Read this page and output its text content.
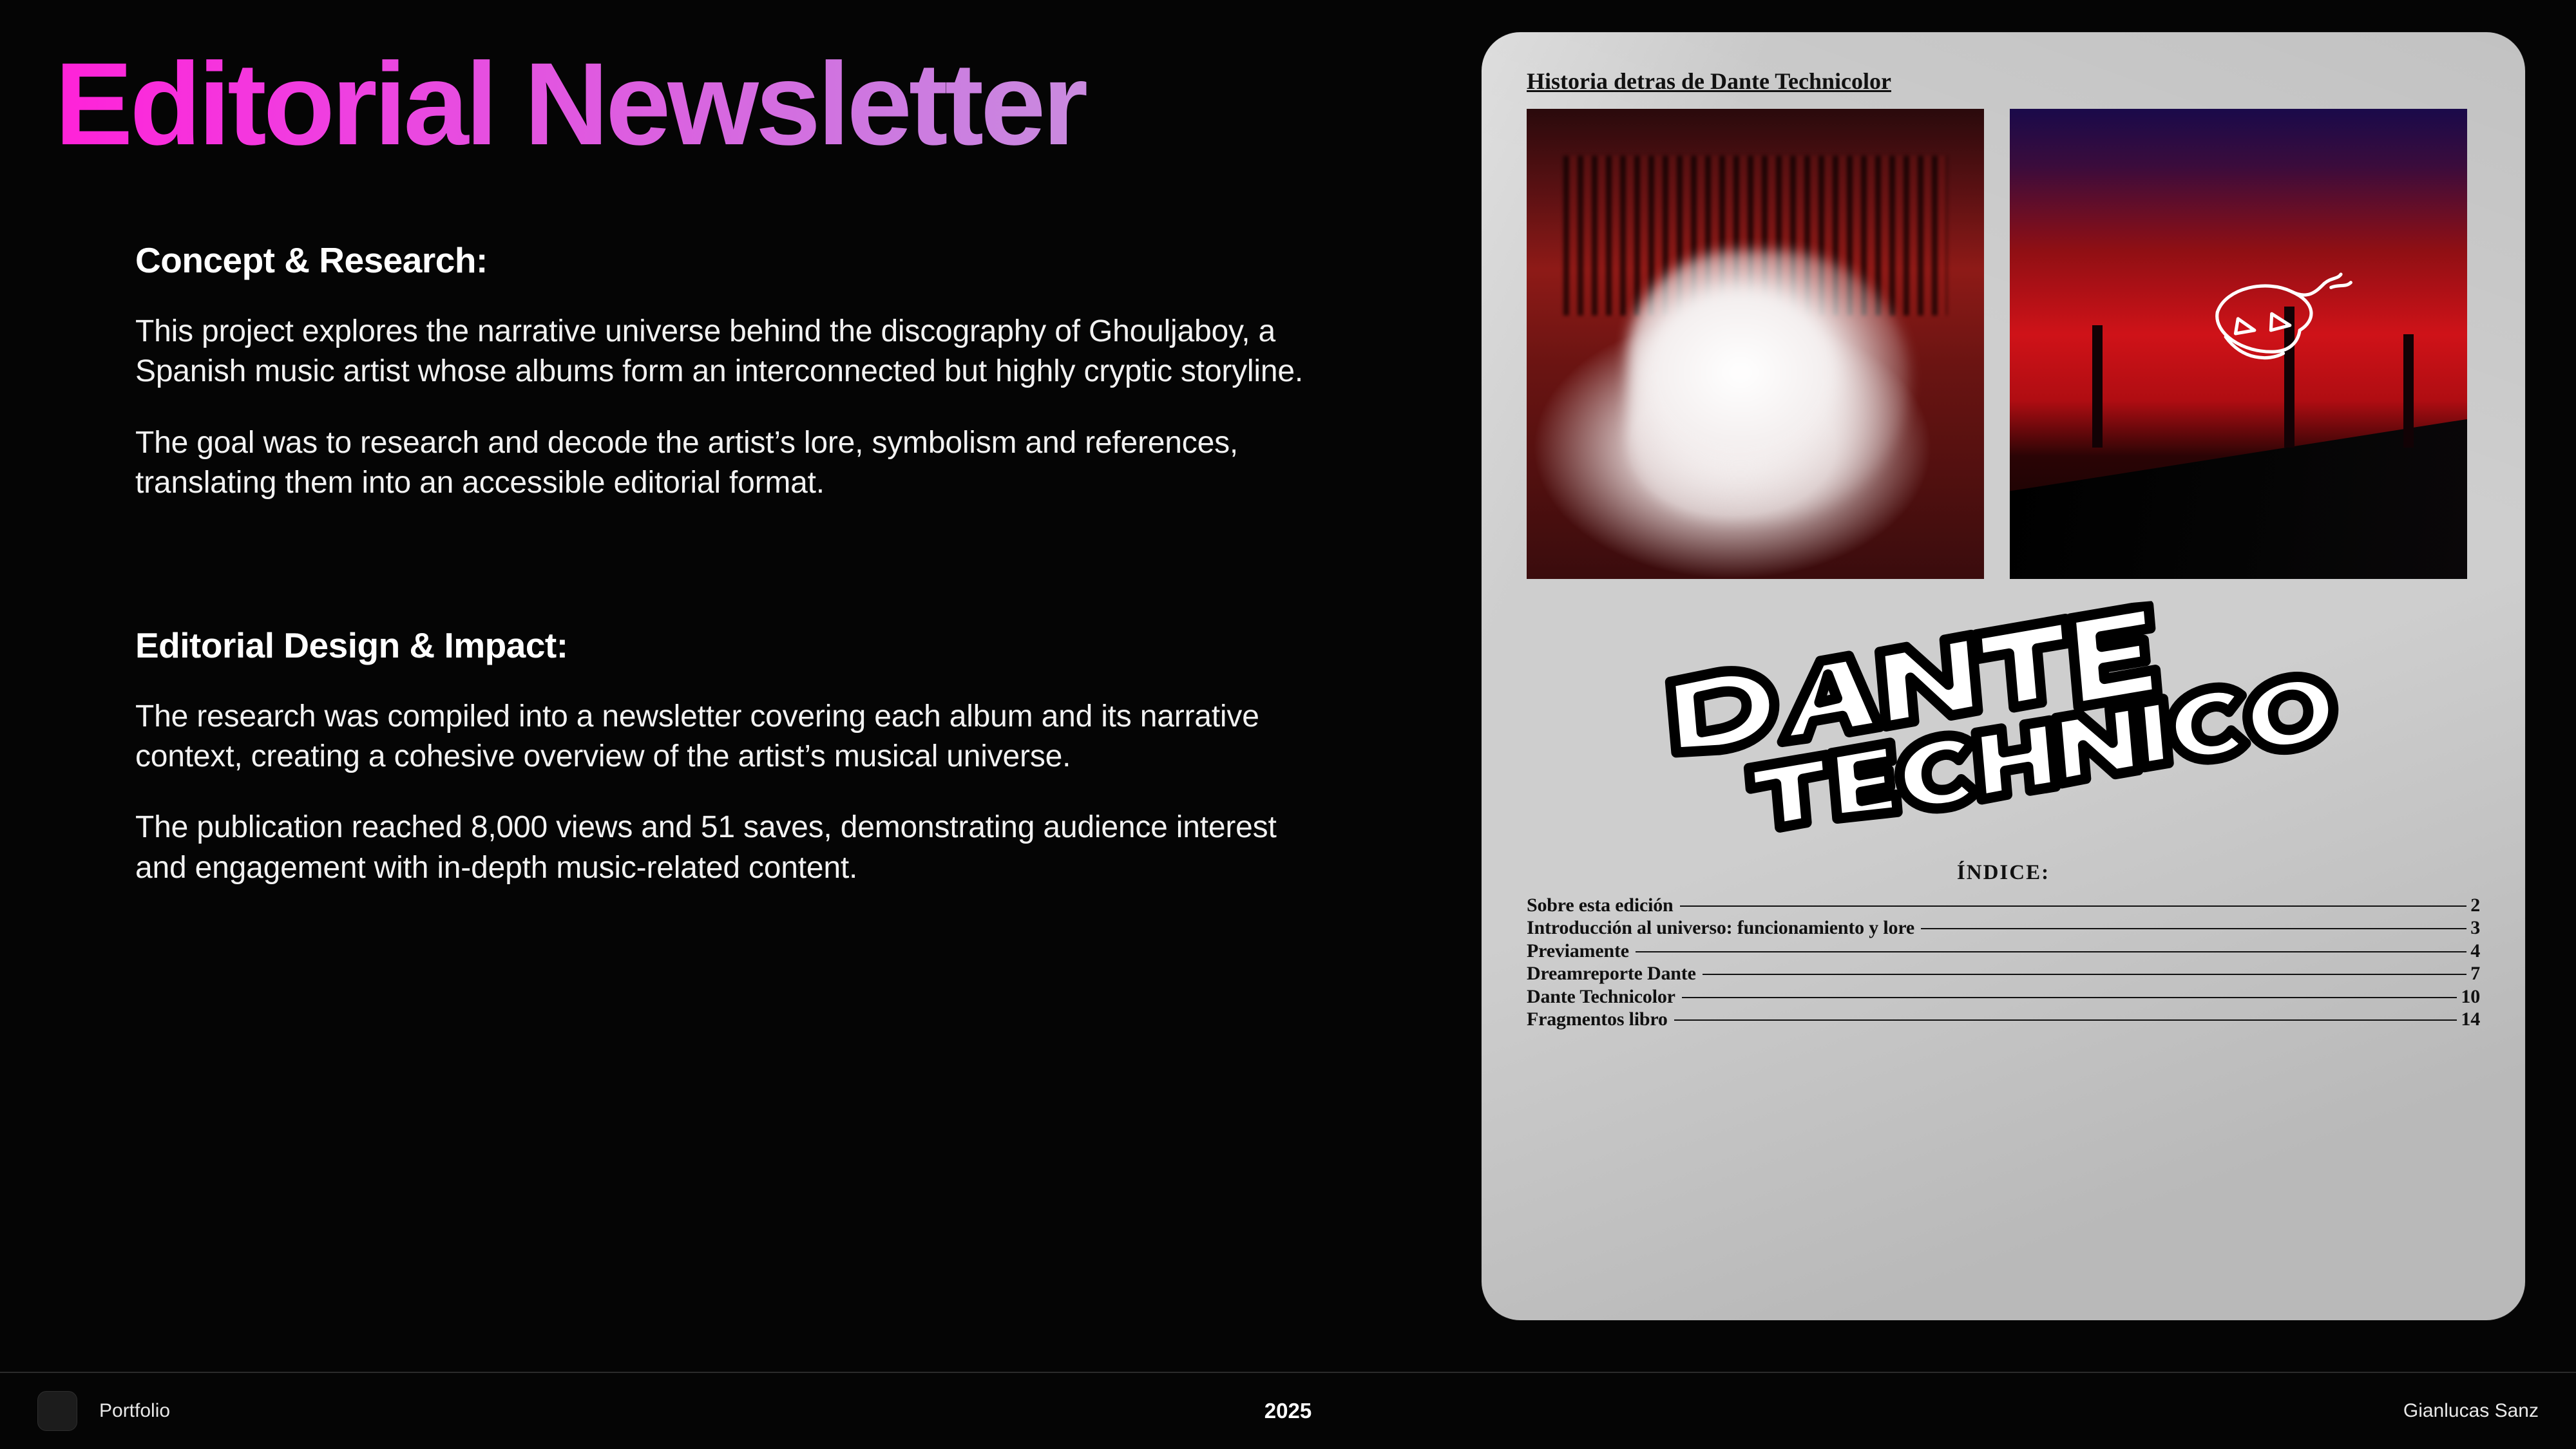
Editorial Newsletter
Concept & Research:

This project explores the narrative universe behind the discography of Ghouljaboy, a Spanish music artist whose albums form an interconnected but highly cryptic storyline.

The goal was to research and decode the artist’s lore, symbolism and references, translating them into an accessible editorial format.

Editorial Design & Impact:

The research was compiled into a newsletter covering each album and its narrative context, creating a cohesive overview of the artist’s musical universe.

The publication reached 8,000 views and 51 saves, demonstrating audience interest and engagement with in-depth music-related content.

Historia detras de Dante Technicolor
ÍNDICE:
Sobre esta edición	2
Introducción al universo: funcionamiento y lore	3
Previamente	4
Dreamreporte Dante	7
Dante Technicolor	10
Fragmentos libro	14
Portfolio	2025	Gianlucas Sanz
